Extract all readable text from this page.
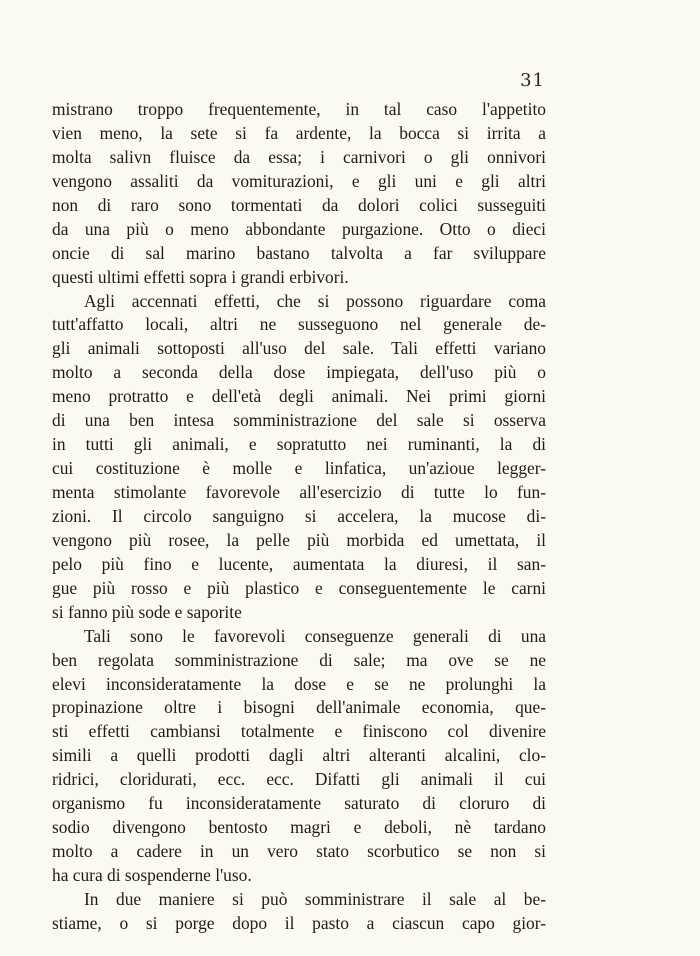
31
mistrano troppo frequentemente, in tal caso l'appetito
vien meno, la sete si fa ardente, la bocca si irrita a
molta salivn fluisce da essa; i carnivori o gli onnivori
vengono assaliti da vomiturazioni, e gli uni e gli altri
non di raro sono tormentati da dolori colici susseguiti
da una più o meno abbondante purgazione. Otto o dieci
oncie di sal marino bastano talvolta a far sviluppare
questi ultimi effetti sopra i grandi erbivori.
Agli accennati effetti, che si possono riguardare coma
tutt'affatto locali, altri ne susseguono nel generale de-
gli animali sottoposti all'uso del sale. Tali effetti variano
molto a seconda della dose impiegata, dell'uso più o
meno protratto e dell'età degli animali. Nei primi giorni
di una ben intesa somministrazione del sale si osserva
in tutti gli animali, e sopratutto nei ruminanti, la di
cui costituzione è molle e linfatica, un'azioue legger-
menta stimolante favorevole all'esercizio di tutte lo fun-
zioni. Il circolo sanguigno si accelera, la mucose di-
vengono più rosee, la pelle più morbida ed umettata, il
pelo più fino e lucente, aumentata la diuresi, il san-
gue più rosso e più plastico e conseguentemente le carni
si fanno più sode e saporite
Tali sono le favorevoli conseguenze generali di una
ben regolata somministrazione di sale; ma ove se ne
elevi inconsideratamente la dose e se ne prolunghi la
propinazione oltre i bisogni dell'animale economia, que-
sti effetti cambiansi totalmente e finiscono col divenire
simili a quelli prodotti dagli altri alteranti alcalini, clo-
ridrici, cloridurati, ecc. ecc. Difatti gli animali il cui
organismo fu inconsideratamente saturato di cloruro di
sodio divengono bentosto magri e deboli, nè tardano
molto a cadere in un vero stato scorbutico se non si
ha cura di sospenderne l'uso.
In due maniere si può somministrare il sale al be-
stiame, o si porge dopo il pasto a ciascun capo gior-
